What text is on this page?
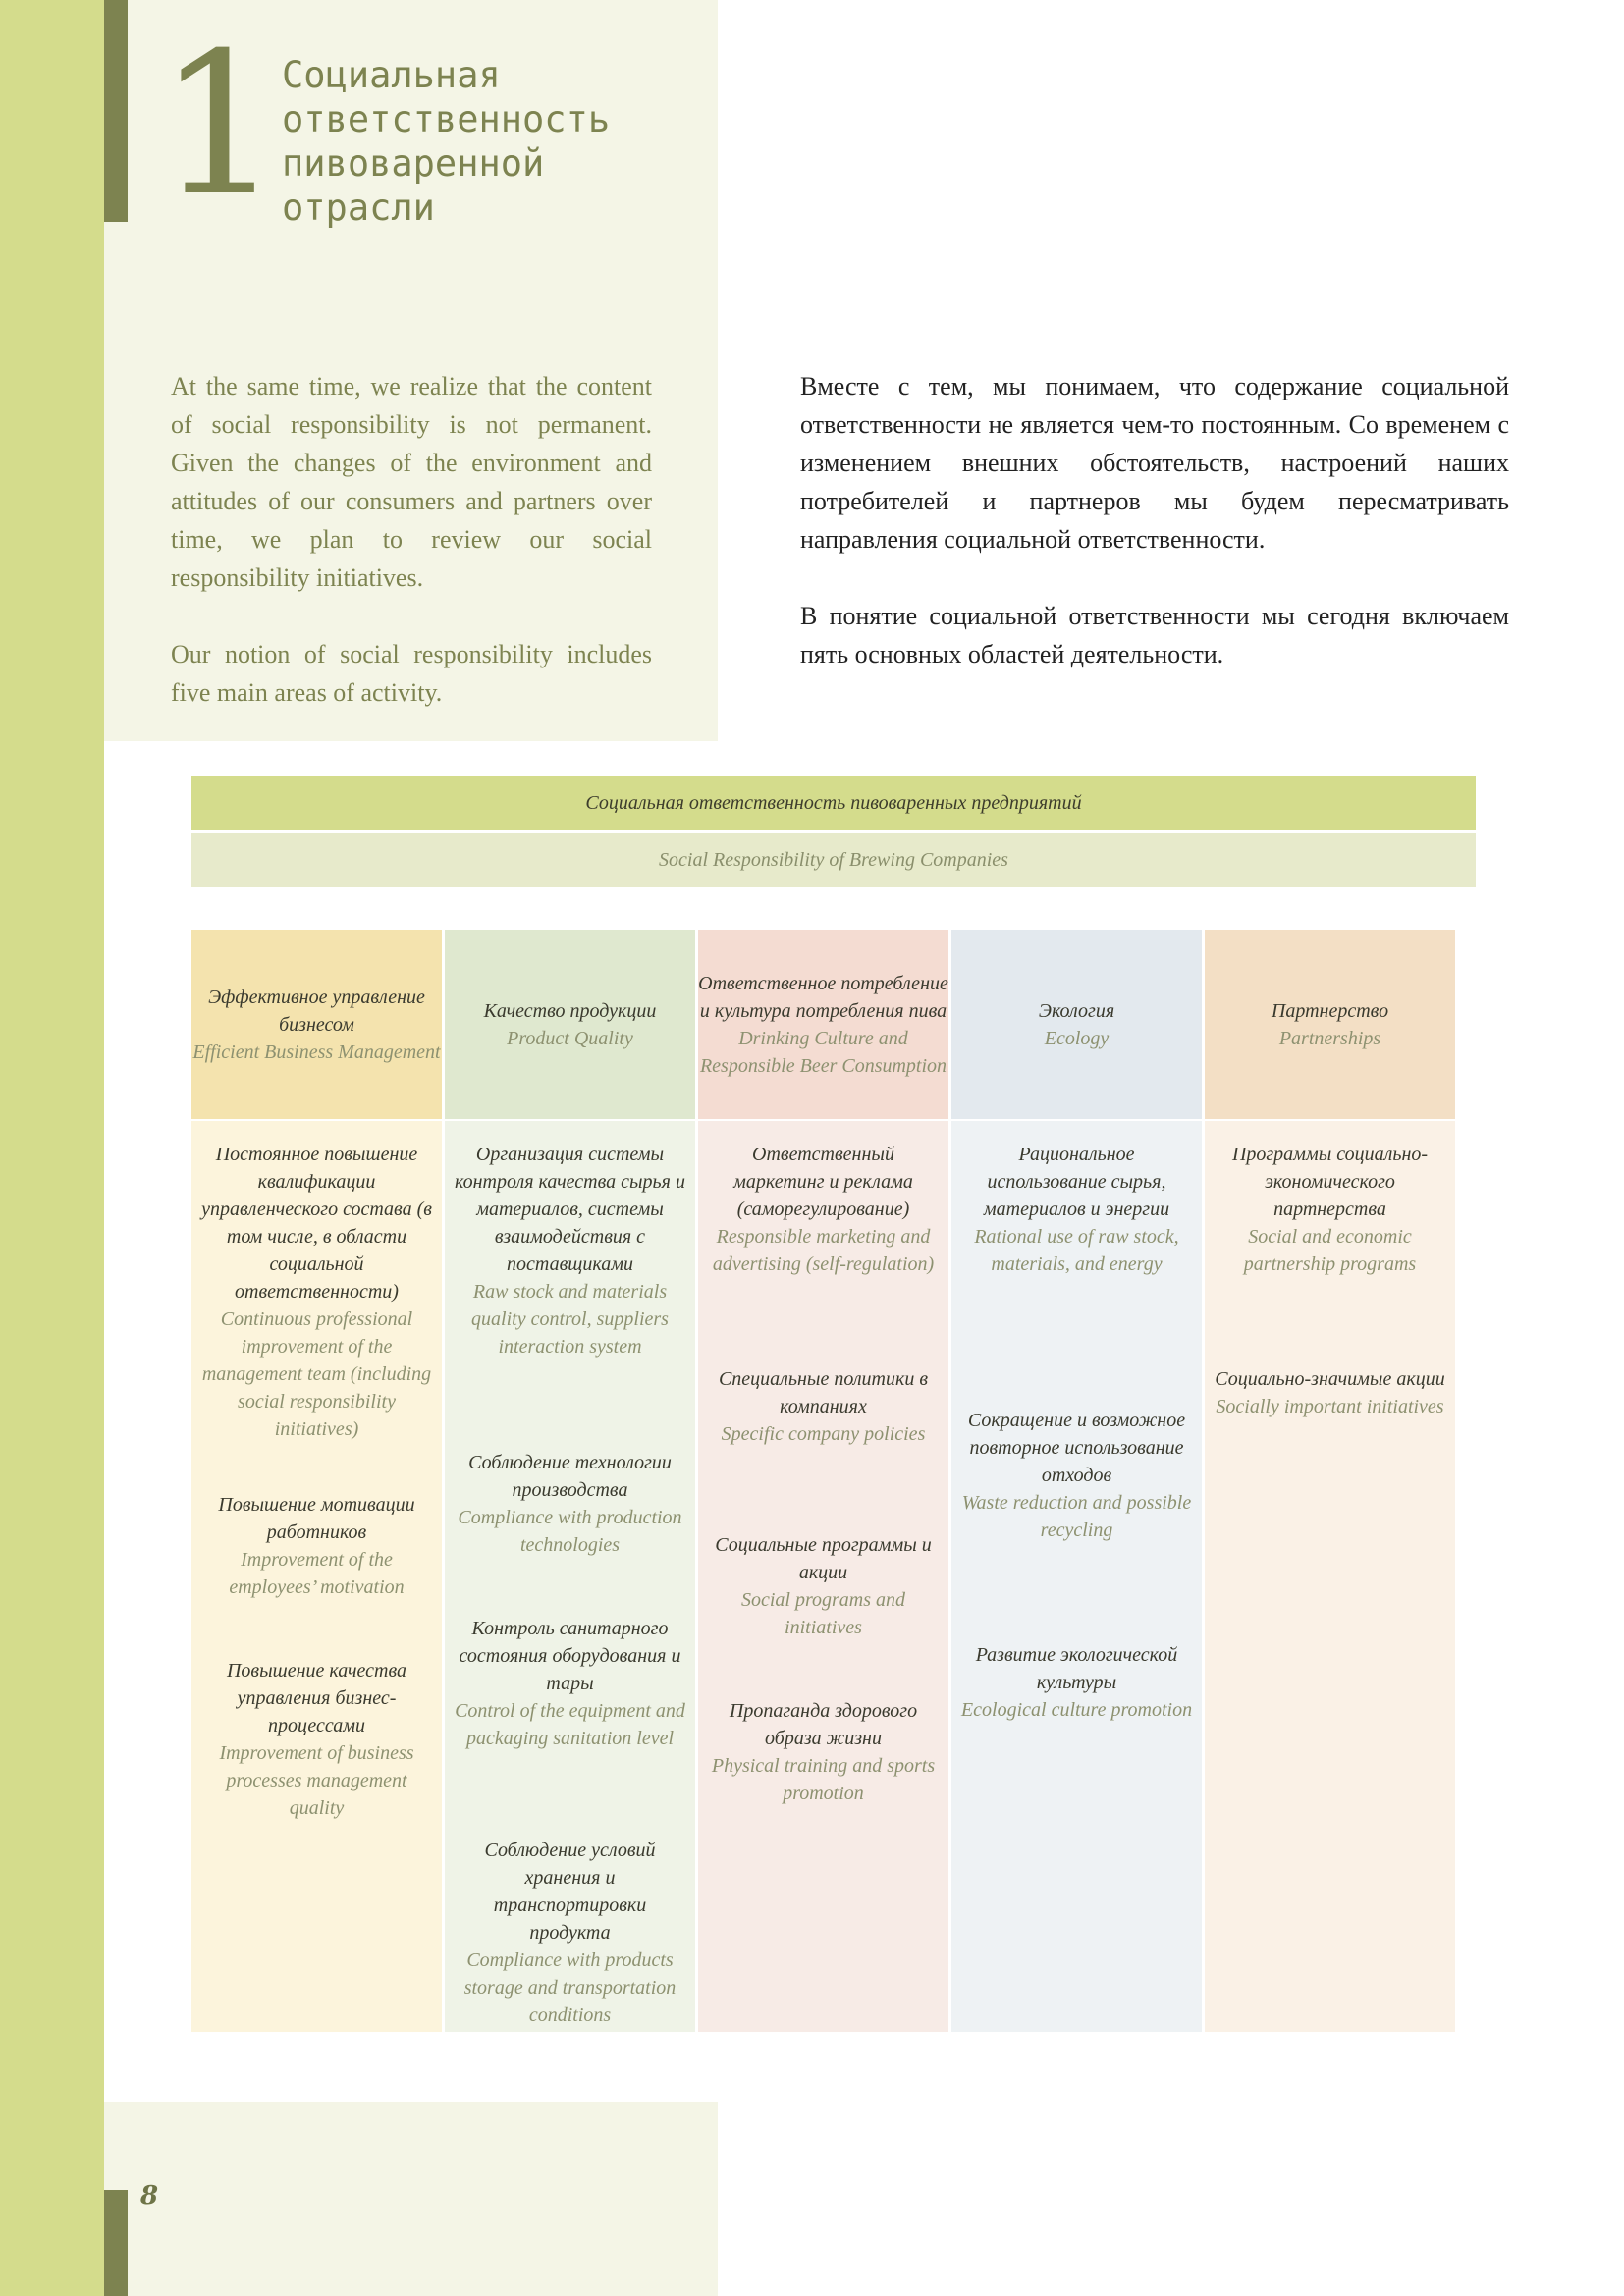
8
1 Социальная
ответственность
пивоваренной
отрасли

At the same time, we realize that the content of social responsibility is not permanent. Given the changes of the environment and attitudes of our consumers and partners over time, we plan to review our social responsibility initiatives.

Our notion of social responsibility includes five main areas of activity.

Вместе с тем, мы понимаем, что содержание социальной ответственности не является чем-то постоянным. Со временем с изменением внешних обстоятельств, настроений наших потребителей и партнеров мы будем пересматривать направления социальной ответственности.

В понятие социальной ответственности мы сегодня включаем пять основных областей деятельности.

Социальная ответственность пивоваренных предприятий
Social Responsibility of Brewing Companies
Эффективное управление бизнесом
Efficient Business Management
Постоянное повышение квалификации управленческого состава (в том числе, в области социальной ответственности)
Continuous professional improvement of the management team (including social responsibility initiatives)
Повышение мотивации работников
Improvement of the employees’ motivation
Повышение качества управления бизнес-процессами
Improvement of business processes management quality
Качество продукции
Product Quality
Организация системы контроля качества сырья и материалов, системы взаимодействия с поставщиками
Raw stock and materials quality control, suppliers interaction system
Соблюдение технологии производства
Compliance with production technologies
Контроль санитарного состояния оборудования и тары
Control of the equipment and packaging sanitation level
Соблюдение условий хранения и транспортировки продукта
Compliance with products storage and transportation conditions
Ответственное потребление и культура потребления пива
Drinking Culture and Responsible Beer Consumption
Ответственный маркетинг и реклама (саморегулирование)
Responsible marketing and advertising (self-regulation)
Специальные политики в компаниях
Specific company policies
Социальные программы и акции
Social programs and initiatives
Пропаганда здорового образа жизни
Physical training and sports promotion
Экология
Ecology
Рациональное использование сырья, материалов и энергии
Rational use of raw stock, materials, and energy
Сокращение и возможное повторное использование отходов
Waste reduction and possible recycling
Развитие экологической культуры
Ecological culture promotion
Партнерство
Partnerships
Программы социально-экономического партнерства
Social and economic partnership programs
Социально-значимые акции
Socially important initiatives
